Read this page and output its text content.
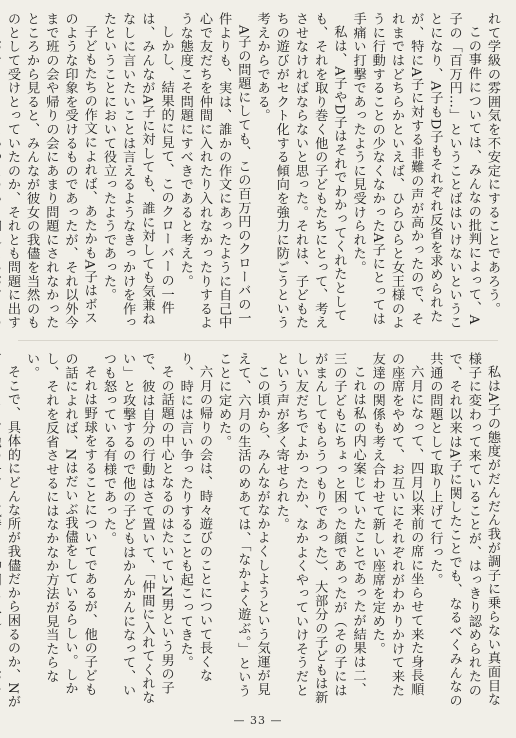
れて学級の雰囲気を不安定にすることであろう。

この事件については、みんなの批判によって、A子の「百万円…」ということばはいけないということになり、A子もD子もそれぞれ反省を求められたが、特にA子に対する非難の声が高かったので、それまではどちらかといえば、ひらひらと女王様のように行動することの少なくなかったA子にとっては手痛い打撃であったように見受けられた。

私は、A子やD子はそれでわかってくれたとしても、それを取り巻く他の子どもたちにとって、考えさせなければならないと思った。それは、子どもたちの遊びがセクト化する傾向を強力に防ごうという考えからである。

A子の問題にしても、この百万円のクローバの一件よりも、実は、誰かの作文にあったように自己中心で友だちを仲間に入れたり入れなかったりするような態度こそ問題にすべきであると考えた。

しかし、結果的に見て、このクローバーの一件は、みんながA子に対しても、誰に対しても気兼ねなしに言いたいことは言えるようなきっかけを作ったということにおいて役立ったようであった。

子どもたちの作文によれば、あたかもA子はボスのような印象を受けるものであったが、それ以外今まで班の会や帰りの会にあまり問題にされなかったところから見ると、みんなが彼女の我儘を当然のものとして受けとっていたのか、それとも問題に出す

私はA子の態度がだんだん我が調子に乗らない真面目な様子に変わって来ていることが、はっきり認められたので、それ以来はA子に関したことでも、なるべくみんなの共通の問題として取り上げて行った。

六月になって、四月以来前の席に坐らせて来た身長順の座席をやめて、お互いにそれぞれがわかりかけて来た友達の関係も考え合わせて新しい座席を定めた。

これは私の内心案じていたことであったが結果は二、三の子どもにちょっと困った顔であったが（その子にはがまんしてもらうつもりであった）、大部分の子どもは新しい友だちでよかったか、なかよくやっていけそうだとという声が多く寄せられた。

この頃から、みんながなかよくしようという気運が見えて、六月の生活のめあては、「なかよく遊ぶ。」ということに定めた。

六月の帰りの会は、時々遊びのことについて長くなり、時には言い争ったりすることも起こってきた。

その話題の中心となるのはたいていN男という男の子で、彼は自分の行動はさて置いて、「仲間に入れてくれない」と攻撃するので他の子どもはかんかんになって、いつも怒っている有様であった。

それは野球をすることについてであるが、他の子どもの話によれば、Nはだいぶ我儘をしているらしい。しかし、それを反省させるにはなかなか方法が見当たらない。

そこで、具体的にどんな所が我儘だから困るのか、Nが

— 33 —
